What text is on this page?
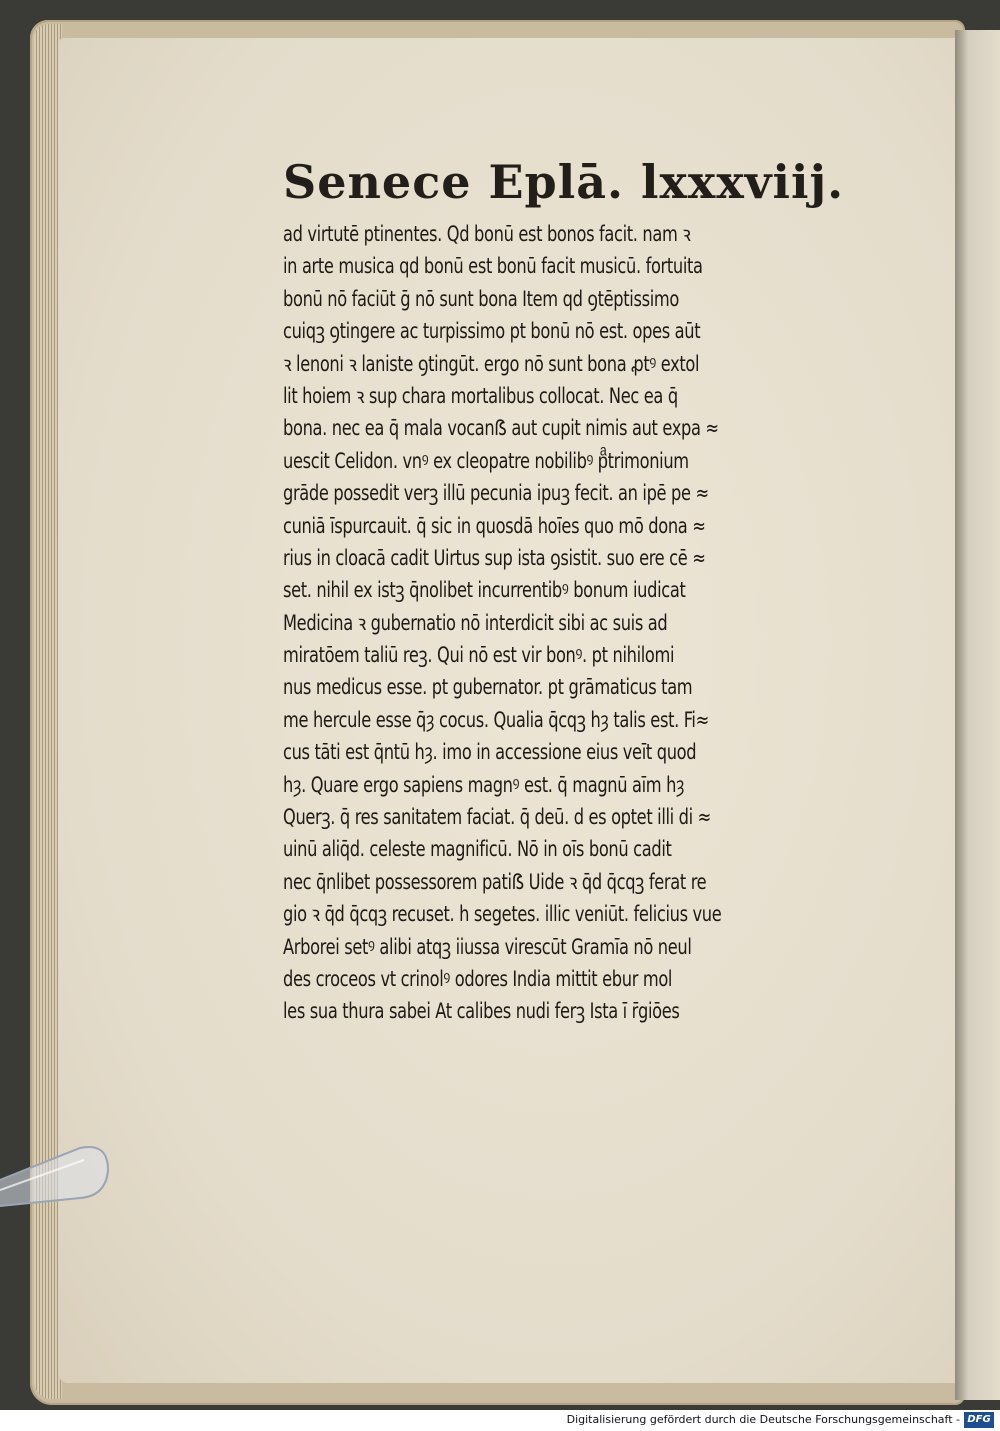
Senece Eplā. lxxxviij.
ad virtutē ptinentes. Qd bonū est bonos facit. nam ꝛ
in arte musica qd bonū est bonū facit musicū. fortuita
bonū nō faciūt ḡ nō sunt bona Item qd ꝯtēptissimo
cuiqꝫ ꝯtingere ac turpissimo pt bonū nō est. opes aūt
ꝛ lenoni ꝛ laniste ꝯtingūt. ergo nō sunt bona ꝓtꝰ extol
lit hoiem ꝛ sup chara mortalibus collocat. Nec ea q̄
bona. nec ea q̄ mala vocanẞ aut cupit nimis aut expa ≈
uescit Celidon. vnꝰ ex cleopatre nobilibꝰ pͣtrimonium
grāde possedit verꝫ illū pecunia ipuꝫ fecit. an ipē pe ≈
cuniā īspurcauit. q̄ sic in quosdā hoīes quo mō dona ≈
rius in cloacā cadit Uirtus sup ista ꝯsistit. suo ere cē ≈
set. nihil ex istꝫ q̄nolibet incurrentibꝰ bonum iudicat
Medicina ꝛ gubernatio nō interdicit sibi ac suis ad
miratōem taliū reꝫ. Qui nō est vir bonꝰ. pt nihilomi
nus medicus esse. pt gubernator. pt grāmaticus tam
me hercule esse q̄ȝ cocus. Qualia q̄cqꝫ hȝ talis est. Fi≈
cus tāti est q̄ntū hȝ. imo in accessione eius veīt quod
hȝ. Quare ergo sapiens magnꝰ est. q̄ magnū aīm hȝ
Querꝫ. q̄ res sanitatem faciat. q̄ deū. d es optet illi di ≈
uinū aliq̄d. celeste magnificū. Nō in oīs bonū cadit
nec q̄nlibet possessorem patiẞ Uide ꝛ q̄d q̄cqꝫ ferat re
gio ꝛ q̄d q̄cqꝫ recuset. h segetes. illic veniūt. felicius vue
Arborei setꝰ alibi atqꝫ iiussa virescūt Gramīa nō neul
des croceos vt crinolꝰ odores India mittit ebur mol
les sua thura sabei At calibes nudi ferꝫ Ista ī r̄giōes
Digitalisierung gefördert durch die Deutsche Forschungsgemeinschaft - DFG
